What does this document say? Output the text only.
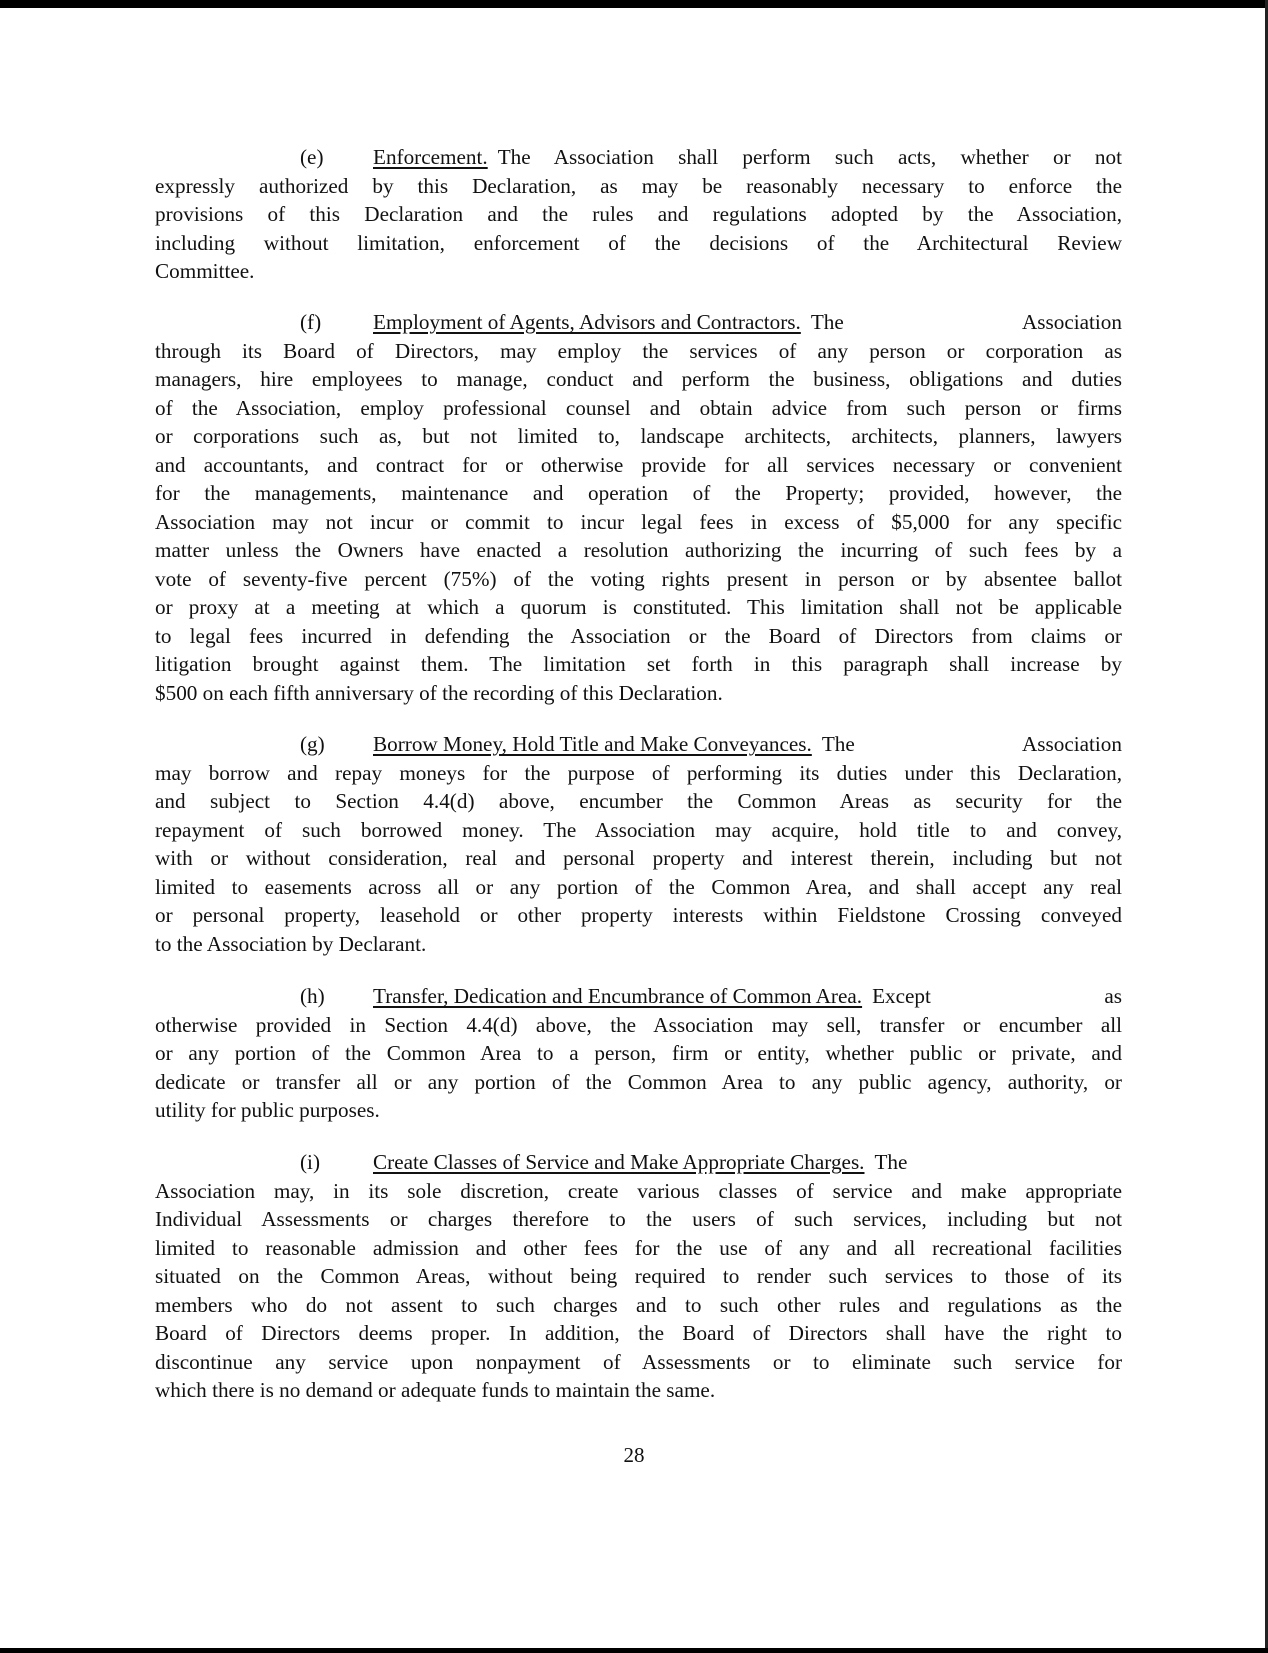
(e)	Enforcement. The Association shall perform such acts, whether or not
expressly authorized by this Declaration, as may be reasonably necessary to enforce the
provisions of this Declaration and the rules and regulations adopted by the Association,
including without limitation, enforcement of the decisions of the Architectural Review
Committee.
(f)	Employment of Agents, Advisors and Contractors. The Association
through its Board of Directors, may employ the services of any person or corporation as
managers, hire employees to manage, conduct and perform the business, obligations and duties
of the Association, employ professional counsel and obtain advice from such person or firms
or corporations such as, but not limited to, landscape architects, architects, planners, lawyers
and accountants, and contract for or otherwise provide for all services necessary or convenient
for the managements, maintenance and operation of the Property; provided, however, the
Association may not incur or commit to incur legal fees in excess of $5,000 for any specific
matter unless the Owners have enacted a resolution authorizing the incurring of such fees by a
vote of seventy-five percent (75%) of the voting rights present in person or by absentee ballot
or proxy at a meeting at which a quorum is constituted. This limitation shall not be applicable
to legal fees incurred in defending the Association or the Board of Directors from claims or
litigation brought against them. The limitation set forth in this paragraph shall increase by
$500 on each fifth anniversary of the recording of this Declaration.
(g)	Borrow Money, Hold Title and Make Conveyances. The Association
may borrow and repay moneys for the purpose of performing its duties under this Declaration,
and subject to Section 4.4(d) above, encumber the Common Areas as security for the
repayment of such borrowed money. The Association may acquire, hold title to and convey,
with or without consideration, real and personal property and interest therein, including but not
limited to easements across all or any portion of the Common Area, and shall accept any real
or personal property, leasehold or other property interests within Fieldstone Crossing conveyed
to the Association by Declarant.
(h)	Transfer, Dedication and Encumbrance of Common Area. Except as
otherwise provided in Section 4.4(d) above, the Association may sell, transfer or encumber all
or any portion of the Common Area to a person, firm or entity, whether public or private, and
dedicate or transfer all or any portion of the Common Area to any public agency, authority, or
utility for public purposes.
(i)	Create Classes of Service and Make Appropriate Charges. The
Association may, in its sole discretion, create various classes of service and make appropriate
Individual Assessments or charges therefore to the users of such services, including but not
limited to reasonable admission and other fees for the use of any and all recreational facilities
situated on the Common Areas, without being required to render such services to those of its
members who do not assent to such charges and to such other rules and regulations as the
Board of Directors deems proper. In addition, the Board of Directors shall have the right to
discontinue any service upon nonpayment of Assessments or to eliminate such service for
which there is no demand or adequate funds to maintain the same.
28
